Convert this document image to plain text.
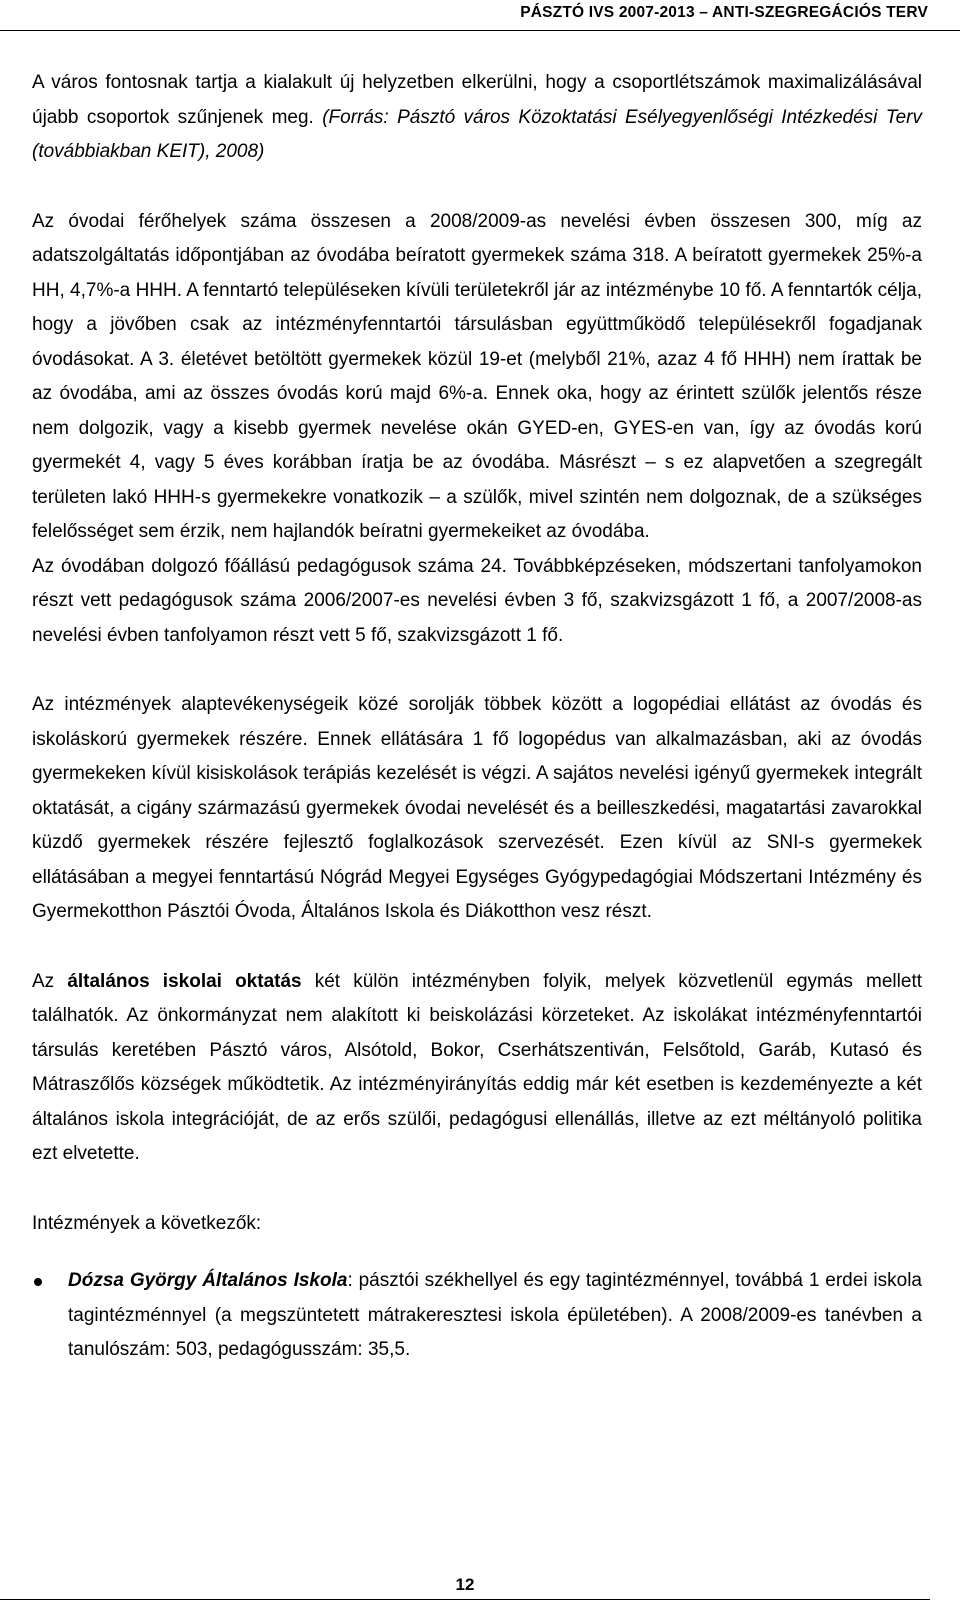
PÁSZTÓ IVS 2007-2013 – ANTI-SZEGREGÁCIÓS TERV

A város fontosnak tartja a kialakult új helyzetben elkerülni, hogy a csoportlétszámok maximalizálásával újabb csoportok szűnjenek meg. (Forrás: Pásztó város Közoktatási Esélyegyenlőségi Intézkedési Terv (továbbiakban KEIT), 2008)

Az óvodai férőhelyek száma összesen a 2008/2009-as nevelési évben összesen 300, míg az adatszolgáltatás időpontjában az óvodába beíratott gyermekek száma 318. A beíratott gyermekek 25%-a HH, 4,7%-a HHH. A fenntartó településeken kívüli területekről jár az intézménybe 10 fő. A fenntartók célja, hogy a jövőben csak az intézményfenntartói társulásban együttműködő településekről fogadjanak óvodásokat. A 3. életévet betöltött gyermekek közül 19-et (melyből 21%, azaz 4 fő HHH) nem írattak be az óvodába, ami az összes óvodás korú majd 6%-a. Ennek oka, hogy az érintett szülők jelentős része nem dolgozik, vagy a kisebb gyermek nevelése okán GYED-en, GYES-en van, így az óvodás korú gyermekét 4, vagy 5 éves korábban íratja be az óvodába. Másrészt – s ez alapvetően a szegregált területen lakó HHH-s gyermekekre vonatkozik – a szülők, mivel szintén nem dolgoznak, de a szükséges felelősséget sem érzik, nem hajlandók beíratni gyermekeiket az óvodába.

Az óvodában dolgozó főállású pedagógusok száma 24. Továbbképzéseken, módszertani tanfolyamokon részt vett pedagógusok száma 2006/2007-es nevelési évben 3 fő, szakvizsgázott 1 fő, a 2007/2008-as nevelési évben tanfolyamon részt vett 5 fő, szakvizsgázott 1 fő.

Az intézmények alaptevékenységeik közé sorolják többek között a logopédiai ellátást az óvodás és iskoláskorú gyermekek részére. Ennek ellátására 1 fő logopédus van alkalmazásban, aki az óvodás gyermekeken kívül kisiskolások terápiás kezelését is végzi. A sajátos nevelési igényű gyermekek integrált oktatását, a cigány származású gyermekek óvodai nevelését és a beilleszkedési, magatartási zavarokkal küzdő gyermekek részére fejlesztő foglalkozások szervezését. Ezen kívül az SNI-s gyermekek ellátásában a megyei fenntartású Nógrád Megyei Egységes Gyógypedagógiai Módszertani Intézmény és Gyermekotthon Pásztói Óvoda, Általános Iskola és Diákotthon vesz részt.

Az általános iskolai oktatás két külön intézményben folyik, melyek közvetlenül egymás mellett találhatók. Az önkormányzat nem alakított ki beiskolázási körzeteket. Az iskolákat intézményfenntartói társulás keretében Pásztó város, Alsótold, Bokor, Cserhátszentiván, Felsőtold, Garáb, Kutasó és Mátraszőlős községek működtetik. Az intézményirányítás eddig már két esetben is kezdeményezte a két általános iskola integrációját, de az erős szülői, pedagógusi ellenállás, illetve az ezt méltányoló politika ezt elvetette.

Intézmények a következők:

Dózsa György Általános Iskola: pásztói székhellyel és egy tagintézménnyel, továbbá 1 erdei iskola tagintézménnyel (a megszüntetett mátrakeresztesi iskola épületében). A 2008/2009-es tanévben a tanulószám: 503, pedagógusszám: 35,5.
12
